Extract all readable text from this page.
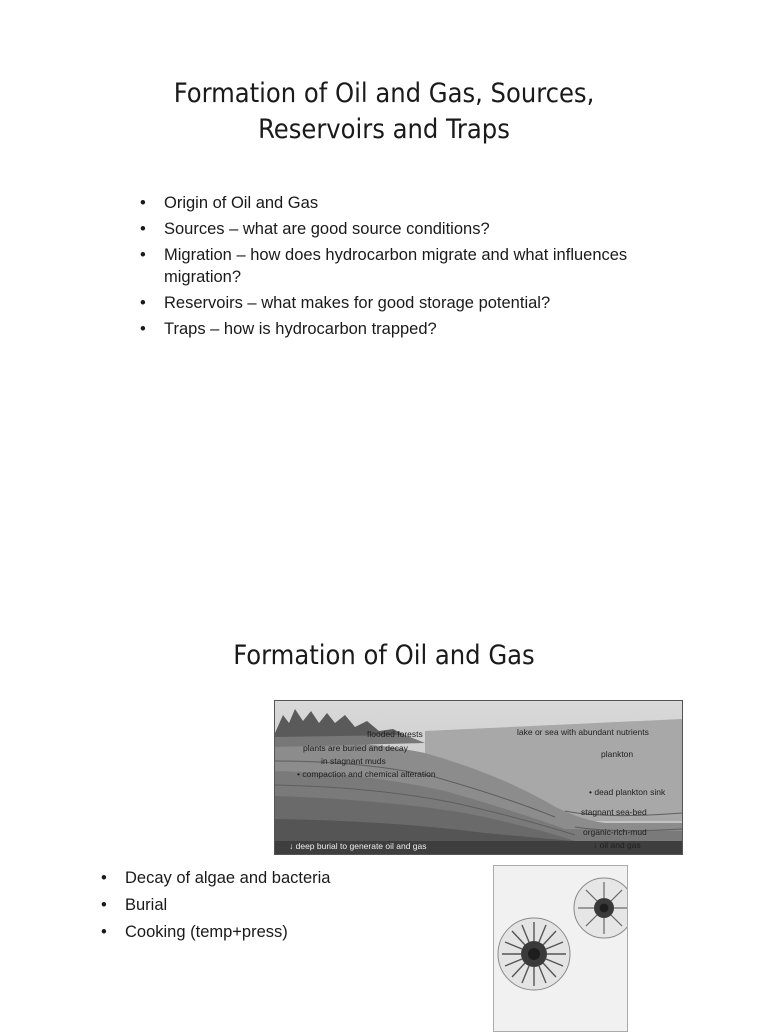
Formation of Oil and Gas, Sources,
Reservoirs and Traps
• Origin of Oil and Gas
• Sources – what are good source conditions?
• Migration – how does hydrocarbon migrate and what influences migration?
• Reservoirs – what makes for good storage potential?
• Traps – how is hydrocarbon trapped?
Formation of Oil and Gas
flooded forests
plants are buried and decay
in stagnant muds
• compaction and chemical alteration
lake or sea with abundant nutrients
plankton
• dead plankton sink
stagnant sea-bed
organic-rich-mud
↓ oil and gas
↓ deep burial to generate oil and gas
• Decay of algae and bacteria
• Burial
• Cooking (temp+press)
